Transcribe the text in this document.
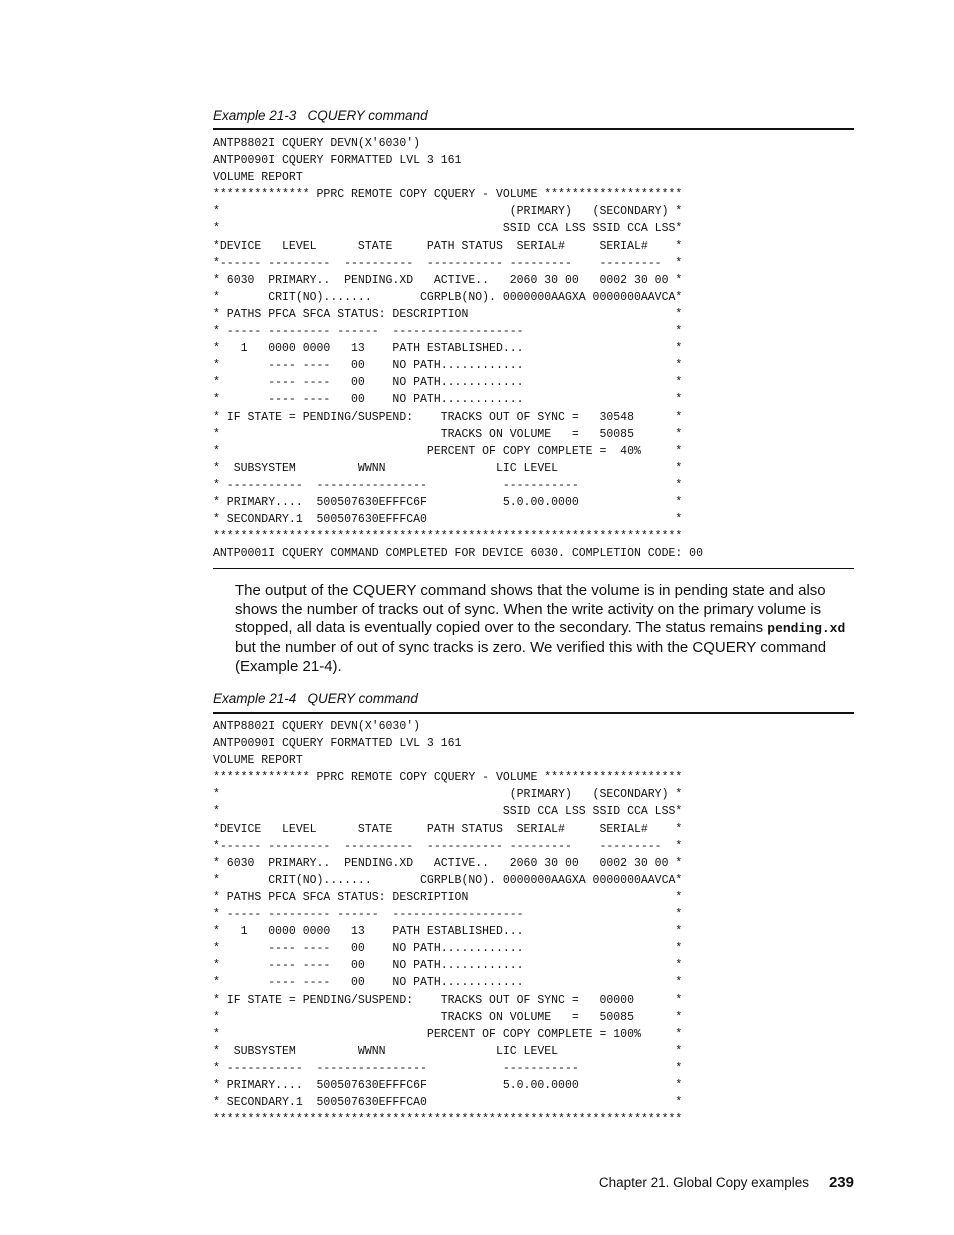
Example 21-3   CQUERY command
ANTP8802I CQUERY DEVN(X'6030')
ANTP0090I CQUERY FORMATTED LVL 3 161
VOLUME REPORT
************** PPRC REMOTE COPY CQUERY - VOLUME ********************
*                                          (PRIMARY)   (SECONDARY) *
*                                         SSID CCA LSS SSID CCA LSS*
*DEVICE   LEVEL      STATE     PATH STATUS  SERIAL#     SERIAL#    *
*------ ---------  ----------  ----------- ---------    ---------  *
* 6030  PRIMARY..  PENDING.XD   ACTIVE..   2060 30 00   0002 30 00 *
*       CRIT(NO).......       CGRPLB(NO). 0000000AAGXA 0000000AAVCA*
* PATHS PFCA SFCA STATUS: DESCRIPTION                              *
* ----- --------- ------  -------------------                      *
*   1   0000 0000   13    PATH ESTABLISHED...                      *
*       ---- ----   00    NO PATH............                      *
*       ---- ----   00    NO PATH............                      *
*       ---- ----   00    NO PATH............                      *
* IF STATE = PENDING/SUSPEND:    TRACKS OUT OF SYNC =   30548      *
*                                TRACKS ON VOLUME   =   50085      *
*                              PERCENT OF COPY COMPLETE =  40%     *
*  SUBSYSTEM         WWNN                LIC LEVEL                 *
* -----------  ----------------           -----------              *
* PRIMARY....  500507630EFFFC6F           5.0.00.0000              *
* SECONDARY.1  500507630EFFFCA0                                    *
********************************************************************
ANTP0001I CQUERY COMMAND COMPLETED FOR DEVICE 6030. COMPLETION CODE: 00
The output of the CQUERY command shows that the volume is in pending state and also shows the number of tracks out of sync. When the write activity on the primary volume is stopped, all data is eventually copied over to the secondary. The status remains pending.xd but the number of out of sync tracks is zero. We verified this with the CQUERY command (Example 21-4).
Example 21-4   QUERY command
ANTP8802I CQUERY DEVN(X'6030')
ANTP0090I CQUERY FORMATTED LVL 3 161
VOLUME REPORT
************** PPRC REMOTE COPY CQUERY - VOLUME ********************
*                                          (PRIMARY)   (SECONDARY) *
*                                         SSID CCA LSS SSID CCA LSS*
*DEVICE   LEVEL      STATE     PATH STATUS  SERIAL#     SERIAL#    *
*------ ---------  ----------  ----------- ---------    ---------  *
* 6030  PRIMARY..  PENDING.XD   ACTIVE..   2060 30 00   0002 30 00 *
*       CRIT(NO).......       CGRPLB(NO). 0000000AAGXA 0000000AAVCA*
* PATHS PFCA SFCA STATUS: DESCRIPTION                              *
* ----- --------- ------  -------------------                      *
*   1   0000 0000   13    PATH ESTABLISHED...                      *
*       ---- ----   00    NO PATH............                      *
*       ---- ----   00    NO PATH............                      *
*       ---- ----   00    NO PATH............                      *
* IF STATE = PENDING/SUSPEND:    TRACKS OUT OF SYNC =   00000      *
*                                TRACKS ON VOLUME   =   50085      *
*                              PERCENT OF COPY COMPLETE = 100%     *
*  SUBSYSTEM         WWNN                LIC LEVEL                 *
* -----------  ----------------           -----------              *
* PRIMARY....  500507630EFFFC6F           5.0.00.0000              *
* SECONDARY.1  500507630EFFFCA0                                    *
********************************************************************
Chapter 21. Global Copy examples 239
